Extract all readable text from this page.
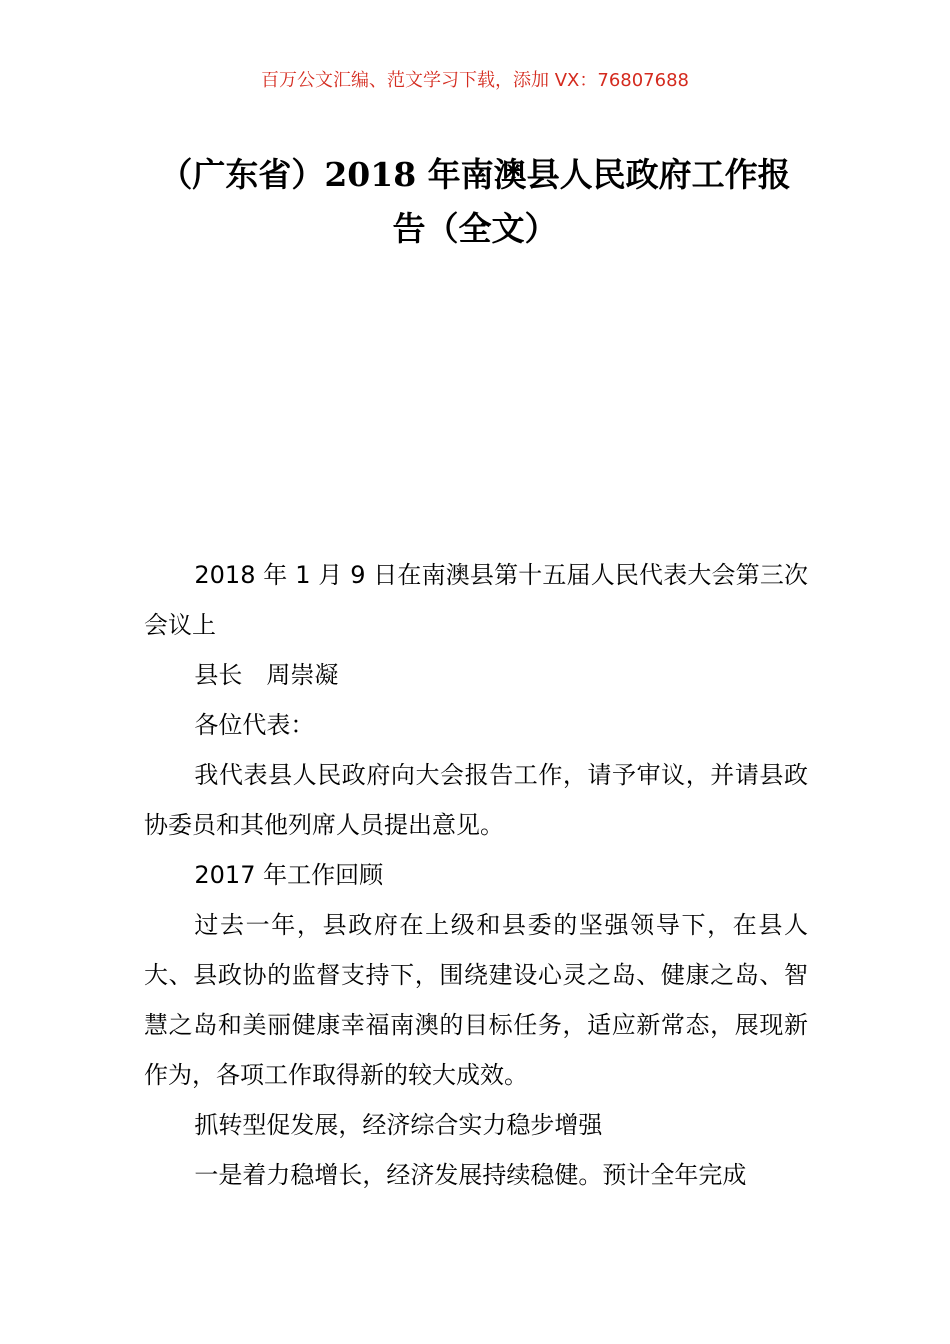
百万公文汇编、范文学习下载，添加 VX：76807688
（广东省）2018 年南澳县人民政府工作报
告（全文）

2018 年 1 月 9 日在南澳县第十五届人民代表大会第三次会议上

县长　周崇凝

各位代表：

我代表县人民政府向大会报告工作，请予审议，并请县政协委员和其他列席人员提出意见。

2017 年工作回顾

过去一年，县政府在上级和县委的坚强领导下，在县人大、县政协的监督支持下，围绕建设心灵之岛、健康之岛、智慧之岛和美丽健康幸福南澳的目标任务，适应新常态，展现新作为，各项工作取得新的较大成效。

抓转型促发展，经济综合实力稳步增强

一是着力稳增长，经济发展持续稳健。预计全年完成
